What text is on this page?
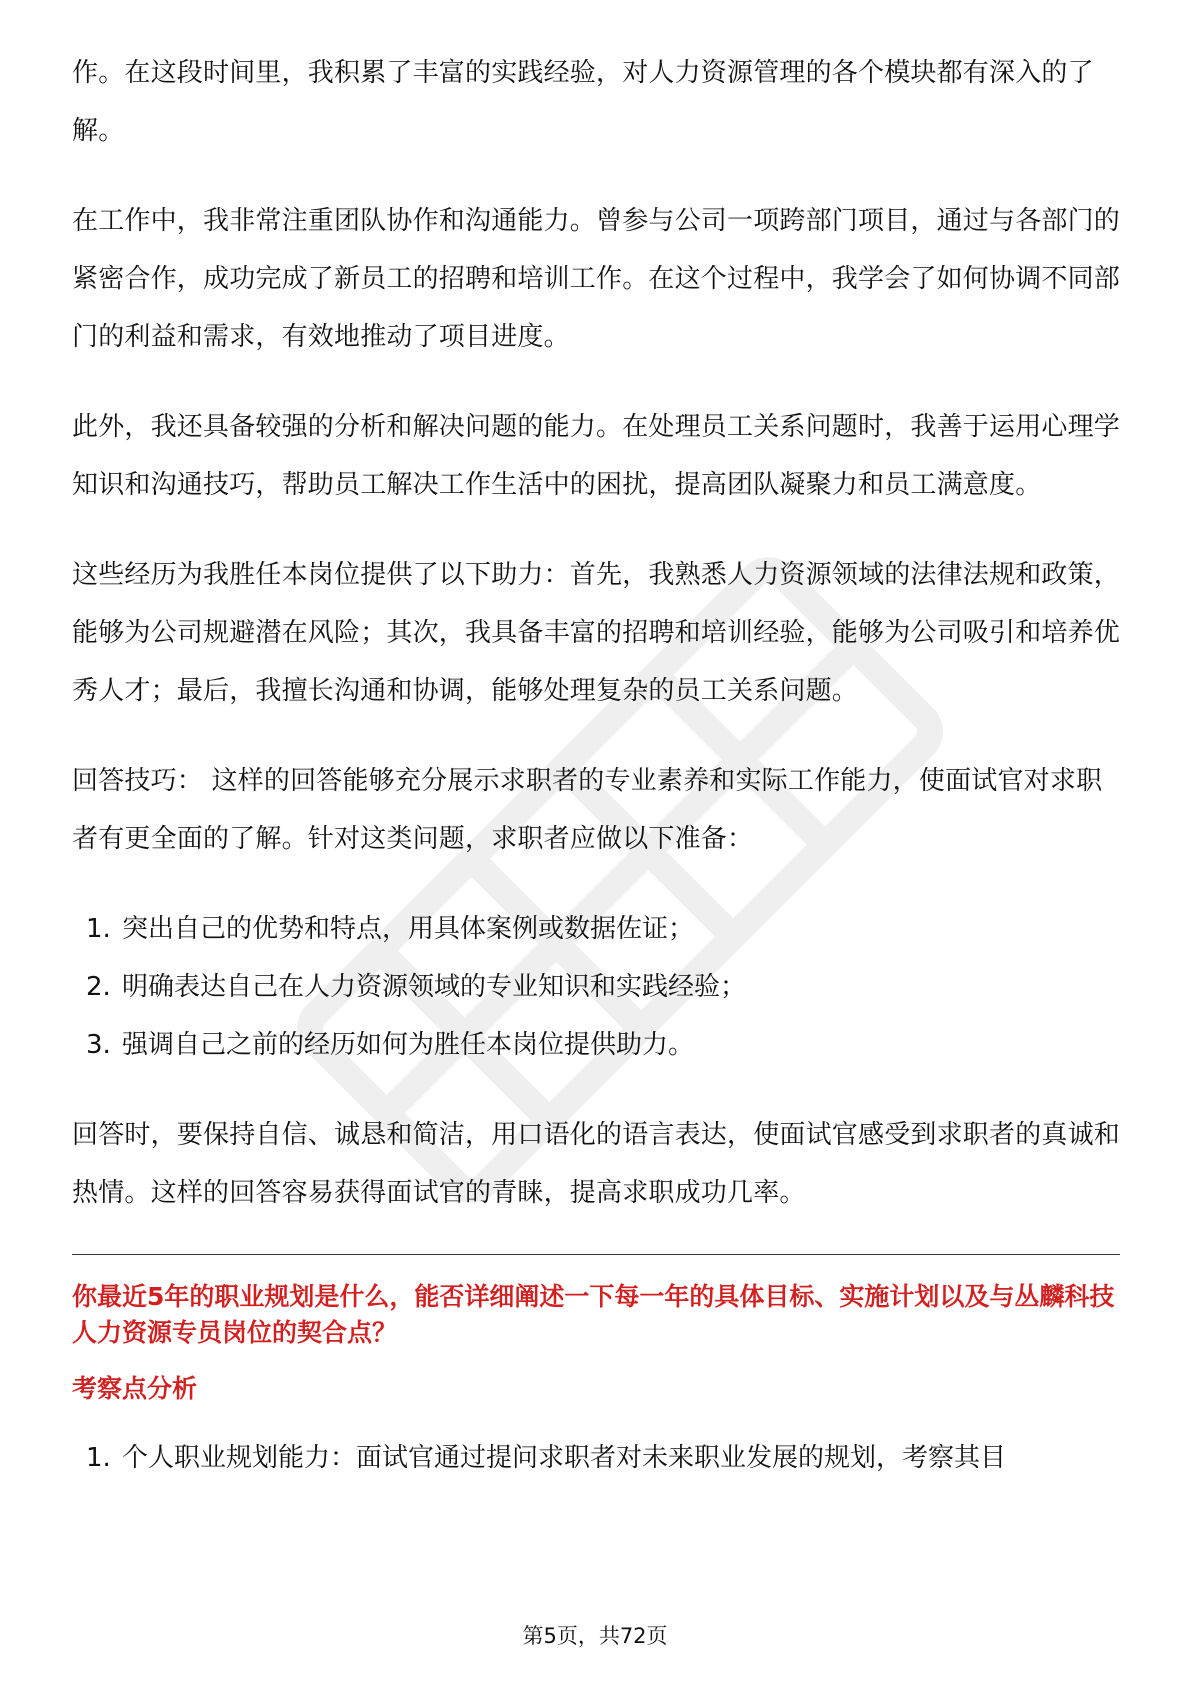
作。在这段时间里，我积累了丰富的实践经验，对人力资源管理的各个模块都有深入的了解。

在工作中，我非常注重团队协作和沟通能力。曾参与公司一项跨部门项目，通过与各部门的紧密合作，成功完成了新员工的招聘和培训工作。在这个过程中，我学会了如何协调不同部门的利益和需求，有效地推动了项目进度。

此外，我还具备较强的分析和解决问题的能力。在处理员工关系问题时，我善于运用心理学知识和沟通技巧，帮助员工解决工作生活中的困扰，提高团队凝聚力和员工满意度。

这些经历为我胜任本岗位提供了以下助力：首先，我熟悉人力资源领域的法律法规和政策，能够为公司规避潜在风险；其次，我具备丰富的招聘和培训经验，能够为公司吸引和培养优秀人才；最后，我擅长沟通和协调，能够处理复杂的员工关系问题。

回答技巧： 这样的回答能够充分展示求职者的专业素养和实际工作能力，使面试官对求职者有更全面的了解。针对这类问题，求职者应做以下准备：

1. 突出自己的优势和特点，用具体案例或数据佐证；
2. 明确表达自己在人力资源领域的专业知识和实践经验；
3. 强调自己之前的经历如何为胜任本岗位提供助力。

回答时，要保持自信、诚恳和简洁，用口语化的语言表达，使面试官感受到求职者的真诚和热情。这样的回答容易获得面试官的青睐，提高求职成功几率。

你最近5年的职业规划是什么，能否详细阐述一下每一年的具体目标、实施计划以及与丛麟科技人力资源专员岗位的契合点？

考察点分析

1. 个人职业规划能力：面试官通过提问求职者对未来职业发展的规划，考察其目
第5页，共72页
